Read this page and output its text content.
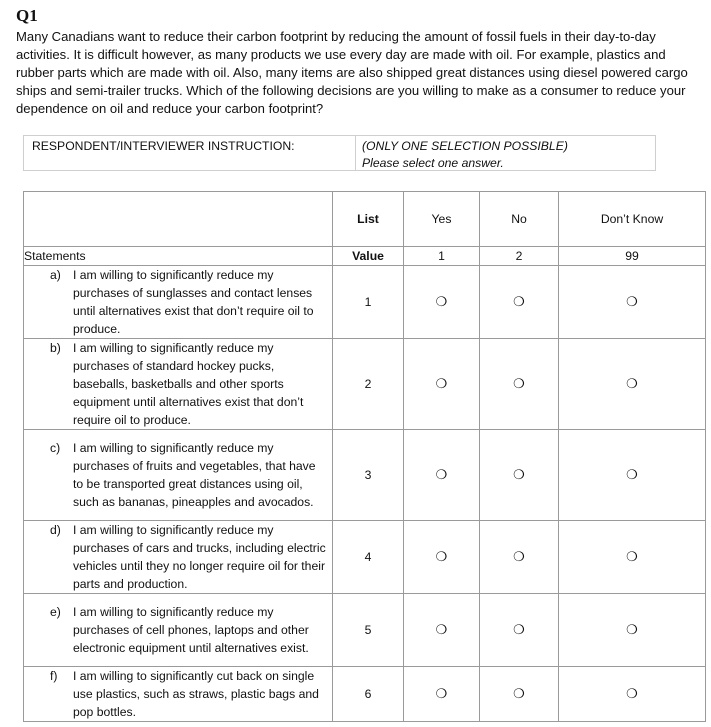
Q1

Many Canadians want to reduce their carbon footprint by reducing the amount of fossil fuels in their day-to-day activities. It is difficult however, as many products we use every day are made with oil. For example, plastics and rubber parts which are made with oil. Also, many items are also shipped great distances using diesel powered cargo ships and semi-trailer trucks. Which of the following decisions are you willing to make as a consumer to reduce your dependence on oil and reduce your carbon footprint?

RESPONDENT/INTERVIEWER INSTRUCTION:	(ONLY ONE SELECTION POSSIBLE)
Please select one answer.
	List	Yes	No	Don’t Know
Statements	Value	1	2	99

a) I am willing to significantly reduce my purchases of sunglasses and contact lenses until alternatives exist that don’t require oil to produce.	1	❍	❍	❍

b) I am willing to significantly reduce my purchases of standard hockey pucks, baseballs, basketballs and other sports equipment until alternatives exist that don’t require oil to produce.	2	❍	❍	❍

c) I am willing to significantly reduce my purchases of fruits and vegetables, that have to be transported great distances using oil, such as bananas, pineapples and avocados.	3	❍	❍	❍

d) I am willing to significantly reduce my purchases of cars and trucks, including electric vehicles until they no longer require oil for their parts and production.	4	❍	❍	❍

e) I am willing to significantly reduce my purchases of cell phones, laptops and other electronic equipment until alternatives exist.	5	❍	❍	❍

f) I am willing to significantly cut back on single use plastics, such as straws, plastic bags and pop bottles.	6	❍	❍	❍
